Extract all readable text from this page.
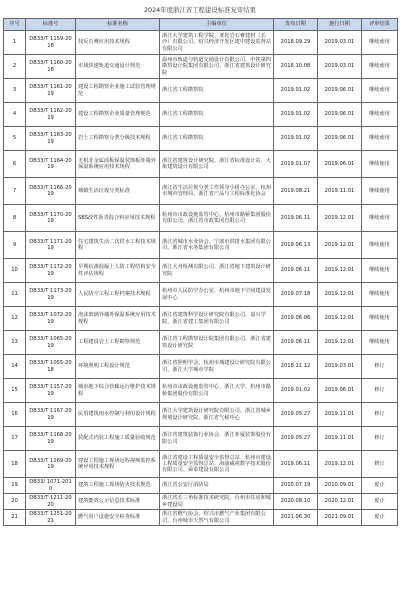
2024年度浙江省工程建设标准复审结果
序号	标准号	标准名称	主编单位	发布日期	施行日期	评审结果
1	DB33/T 1159-2018	技反石膏应用技术规程	浙江大学建筑工程学院、亚化岩石膏建材（长沙）有限公司、绍兴经济开发区建中建设监督站有限公司	2018.09.29	2019.03.01	继续使用
2	DB33/T 1160-2018	市域快速轨道交通设计规范	温州市轨道与轨道交通设计有限公司、中铁第四勘察设计院集团有限公司、浙江省建筑设计研究院	2018.10.08	2019.03.01	继续使用
3	DB33/T 1161-2019	建设工程勘察企业施工试验管理规范	浙江省工程勘察院	2019.01.02	2019.06.01	继续使用
4	DB33/T 1162-2019	建设工程勘察企业质量管理规范	浙江省工程勘察院	2019.01.02	2019.06.01	继续使用
5	DB33/T 1163-2019	岩土工程勘察分类分级技术规程	浙江省工程勘察院	2019.01.02	2019.06.01	继续使用
6	DB33/T 1164-2019	无机非金属面板保温装饰板外墙外保温系统应用技术规程	浙江省建筑设计研究院、浙江省标准设计站、大象建筑设计有限公司	2019.01.07	2019.06.01	继续使用
7	DB33/T 1166-2019	城镇生活垃圾分类标准	浙江省生活垃圾分类工作领导小组办公室、杭州市城市管理局、浙江省产品与工程标准化协会	2019.08.21	2019.11.01	继续使用
8	DB33/T 1170-2019	SBS改性沥青混合料应用技术规程	杭州市市政设施监管中心、杭州市路桥集团股份有限公司、浙江省市政集团有限公司	2019.06.11	2019.12.01	继续使用
9	DB33/T 1171-2019	住宅建筑生活二次供水工程技术规程	浙江省城市水业协会、宁波市供排水集团有限公司、浙江省水务集团有限公司	2019.06.13	2019.12.01	继续使用
10	DB33/T 1172-2019	早期抗渗混凝土人防工程结构安全性评估规程	浙江大舟检测有限公司、浙江省地下建筑设计研究院	2019.06.11	2019.12.01	继续使用
11	DB33/T 1173-2019	人民防空工程工程档案技术规程	杭州市人民防空办公室、杭州市地下空间建设发展中心	2019.07.18	2019.12.01	继续使用
12	DB33/T 1072-2019	泡沫玻璃外墙外保温系统应用技术规程	浙江省建筑科学设计研究院有限公司、嘉兴学院、浙江省建工集团有限公司	2019.06.06	2019.12.01	继续使用
13	DB33/T 1065-2019	工程建设岩土工程勘察规范	浙江省工程勘察设计院集团有限公司、浙江省建筑设计研究院	2019.06.11	2019.12.01	继续使用
14	DB33/T 1055-2018	环境照明工程设计规范	浙江省照明学会、杭州市城建设计研究院有限公司、浙江大学城市学院	2018.11.12	2019.03.01	修订
15	DB33/T 1157-2019	城市地下综合管廊运行维护技术规程	杭州市市政设施监管中心、浙江大学、杭州市路桥集团股份有限公司	2019.01.02	2019.06.01	修订
16	DB33/T 1167-2019	民用建筑雨水控制与利用设计规程	浙江大学建筑设计研究院有限公司、浙江省城乡规划设计研究院、浙江省气候中心	2019.05.27	2019.11.01	修订
17	DB33/T 1168-2019	装配式内装工程施工质量验收规范	浙江省建筑装饰行业协会、浙江亚厦装饰股份有限公司	2019.05.27	2019.11.01	修订
18	DB33/T 1169-2019	建设工程施工现场远程视频监控系统应用技术规程	浙江省建设工程质量安全监督总站、杭州市建设工程质量安全监督总站、海康威视数字技术股份有限公司、舜泰建设有限公司	2019.06.11	2019.12.01	修订
19	DB33/ 1071-2010	建筑工程施工现场防火技术规范	浙江省公安厅消防局	2010.07.19	2010.09.01	废止
20	DB33/T 1211-2020	建筑能效公示信息技术标准	浙江省长三角标准技术研究院、台州市住房和城乡建设局	2020.08.10	2020.12.01	废止
21	DB33/T 1251-2021	燃气用户设施安全检查标准	浙江省燃气协会、绍兴市燃气产业集团有限公司、台州城市天然气有限公司	2021.06.30	2021.09.01	废止
